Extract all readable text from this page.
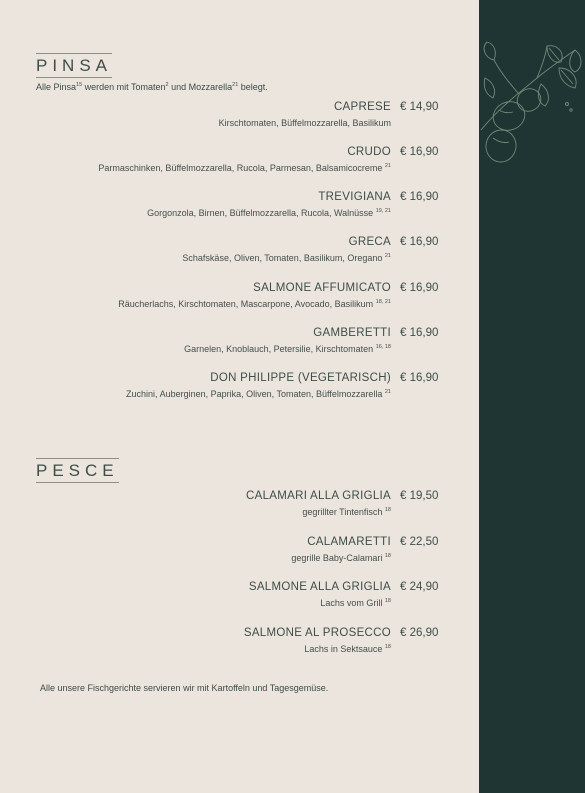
PINSA
Alle Pinsa$^{15}$ werden mit Tomaten$^2$ und Mozzarella$^{21}$ belegt.
CAPRESE € 14,90
Kirschtomaten, Büffelmozzarella, Basilikum
CRUDO € 16,90
Parmaschinken, Büffelmozzarella, Rucola, Parmesan, Balsamicocreme $^{21}$
TREVIGIANA € 16,90
Gorgonzola, Birnen, Büffelmozzarella, Rucola, Walnüsse $^{19, 21}$
GRECA € 16,90
Schafskäse, Oliven, Tomaten, Basilikum, Oregano $^{21}$
SALMONE AFFUMICATO € 16,90
Räucherlachs, Kirschtomaten, Mascarpone, Avocado, Basilikum $^{18, 21}$
GAMBERETTI € 16,90
Garnelen, Knoblauch, Petersilie, Kirschtomaten $^{16, 18}$
DON PHILIPPE (VEGETARISCH) € 16,90
Zuchini, Auberginen, Paprika, Oliven, Tomaten, Büffelmozzarella $^{21}$
PESCE
CALAMARI ALLA GRIGLIA € 19,50
gegrillter Tintenfisch $^{18}$
CALAMARETTI € 22,50
gegrille Baby-Calamari $^{18}$
SALMONE ALLA GRIGLIA € 24,90
Lachs vom Grill $^{18}$
SALMONE AL PROSECCO € 26,90
Lachs in Sektsauce $^{18}$
Alle unsere Fischgerichte servieren wir mit Kartoffeln und Tagesgemüse.
